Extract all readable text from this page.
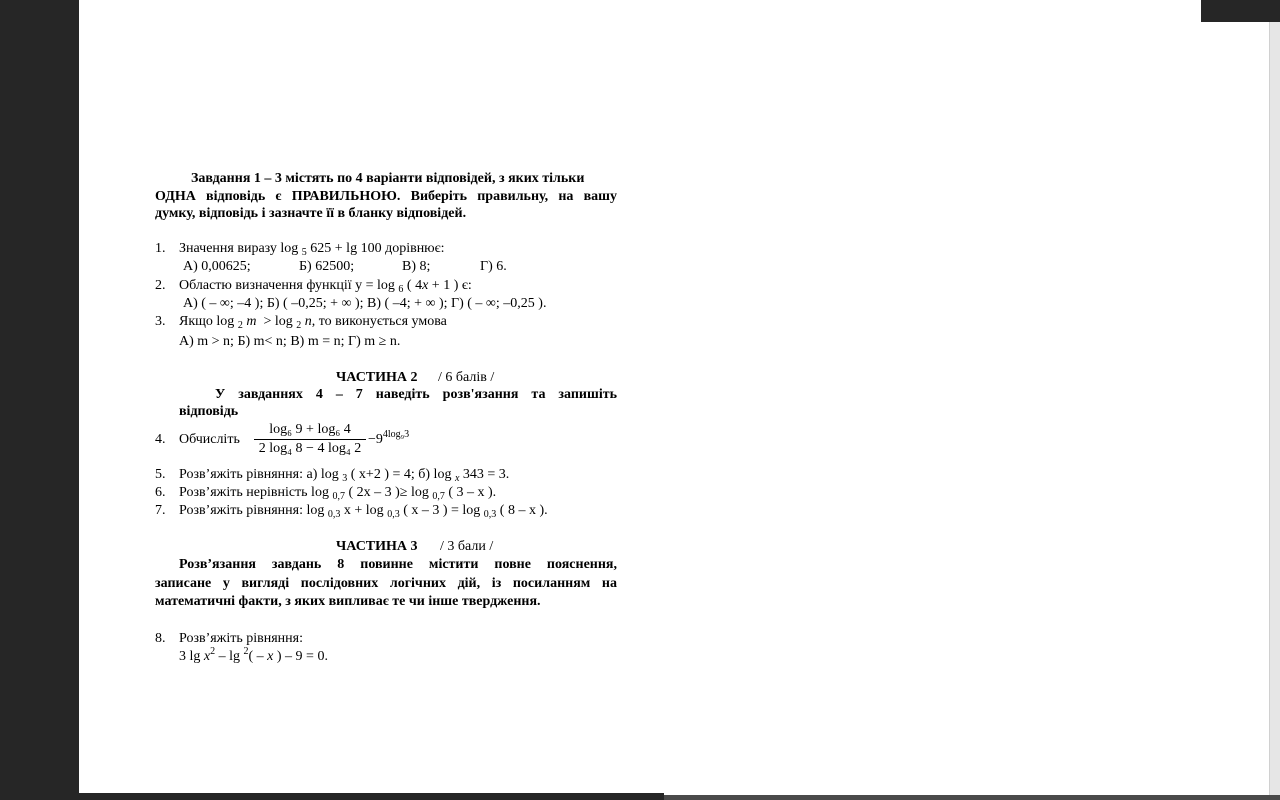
Завдання 1 – 3 містять по 4 варіанти відповідей, з яких тільки
ОДНА відповідь є ПРАВИЛЬНОЮ. Виберіть правильну, на вашу
думку, відповідь і зазначте її в бланку відповідей.
1. Значення виразу log $_5$ 625 + lg 100 дорівнює:
А) 0,00625;	Б) 62500;	В) 8;	Г) 6.
2. Областю визначення функції у = log $_6$ ( 4х + 1 ) є:
А) ( – ∞; –4 ); Б) ( –0,25; + ∞ ); В) ( –4; + ∞ ); Г) ( – ∞; –0,25 ).
3. Якщо log $_2$ m > log $_2$ n, то виконується умова
А) m > n; Б) m< n; В) m = n; Г) m ≥ n.
ЧАСТИНА 2 / 6 балів /
У завданнях 4 – 7 наведіть розв'язання та запишіть
відповідь
4. Обчисліть
log₆ 9 + log₆ 4
2 log₄ 8 − 4 log₄ 2
$-9^{4log_93}$
5. Розв’яжіть рівняння: а) log $_3$ ( х+2 ) = 4; б) log $_x$ 343 = 3.
6. Розв’яжіть нерівність log $_{0,7}$ ( 2х – 3 )≥ log $_{0,7}$ ( 3 – х ).
7. Розв’яжіть рівняння: log $_{0,3}$ х + log $_{0,3}$ ( х – 3 ) = log $_{0,3}$ ( 8 – х ).
ЧАСТИНА 3 / 3 бали /
Розв’язання завдань 8 повинне містити повне пояснення,
записане у вигляді послідовних логічних дій, із посиланням на
математичні факти, з яких випливає те чи інше твердження.
8. Розв’яжіть рівняння:
3 $\lg x^2$ – lg $^2$( – x ) – 9 = 0.
